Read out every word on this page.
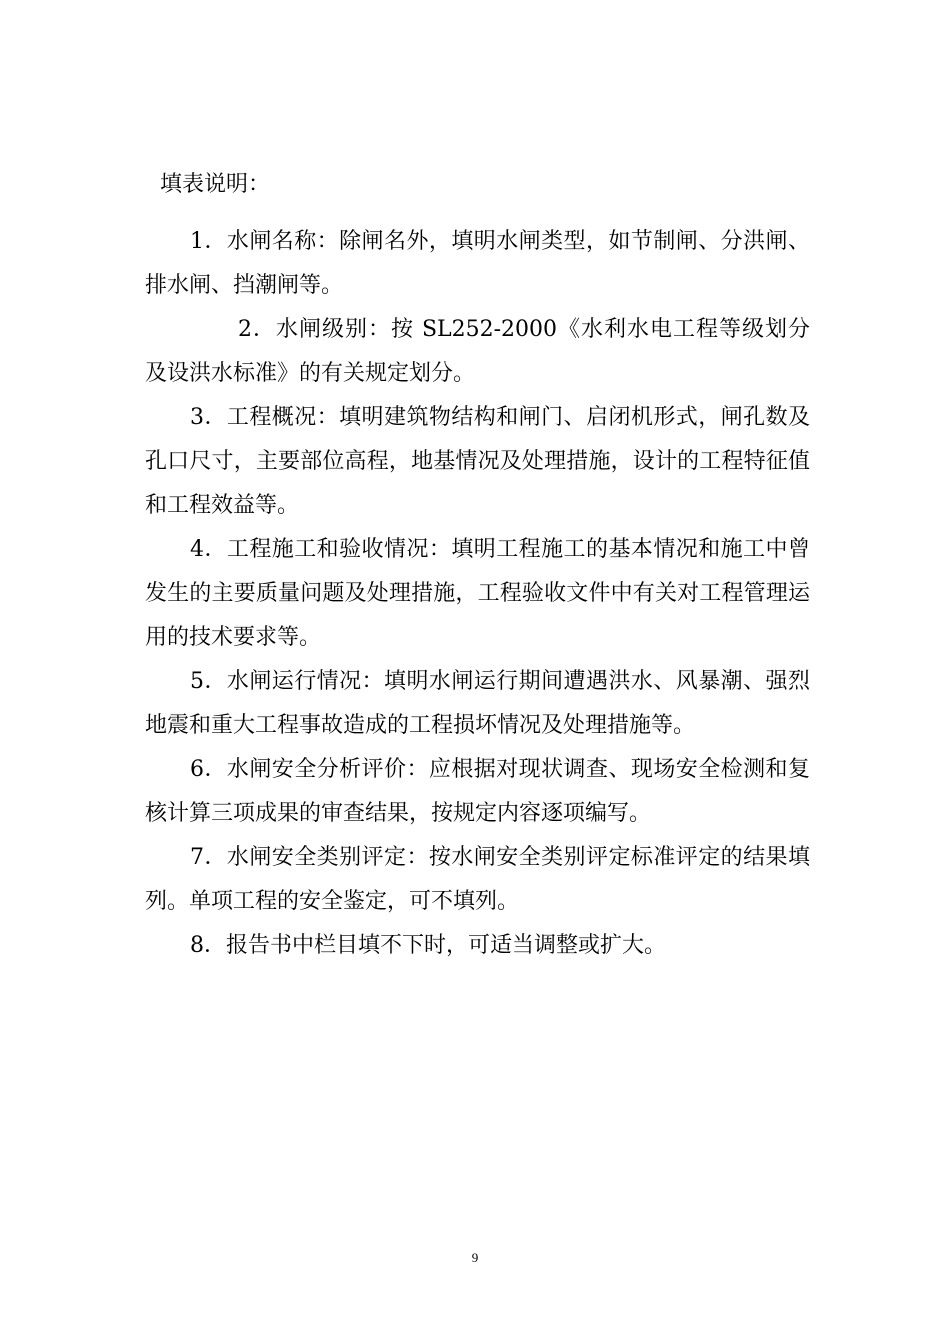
填表说明：

1．水闸名称：除闸名外，填明水闸类型，如节制闸、分洪闸、排水闸、挡潮闸等。

2．水闸级别：按 SL252-2000《水利水电工程等级划分及设洪水标准》的有关规定划分。

3．工程概况：填明建筑物结构和闸门、启闭机形式，闸孔数及孔口尺寸，主要部位高程，地基情况及处理措施，设计的工程特征值和工程效益等。

4．工程施工和验收情况：填明工程施工的基本情况和施工中曾发生的主要质量问题及处理措施，工程验收文件中有关对工程管理运用的技术要求等。

5．水闸运行情况：填明水闸运行期间遭遇洪水、风暴潮、强烈地震和重大工程事故造成的工程损坏情况及处理措施等。

6．水闸安全分析评价：应根据对现状调查、现场安全检测和复核计算三项成果的审查结果，按规定内容逐项编写。

7．水闸安全类别评定：按水闸安全类别评定标准评定的结果填列。单项工程的安全鉴定，可不填列。

8．报告书中栏目填不下时，可适当调整或扩大。

9
